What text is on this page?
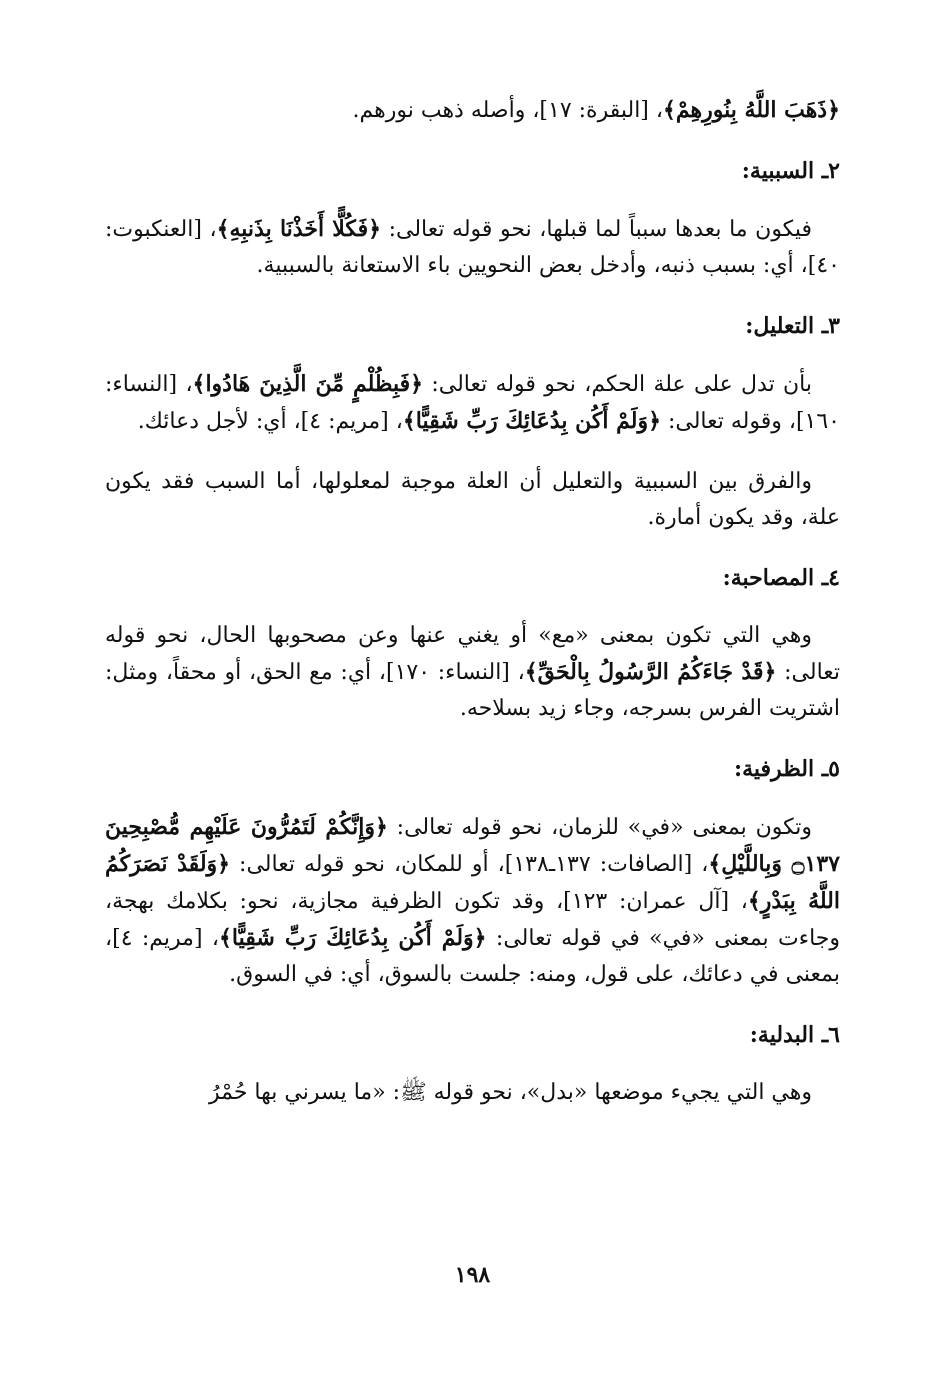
﴿ذَهَبَ اللَّهُ بِنُورِهِمْ﴾، [البقرة: ١٧]، وأصله ذهب نورهم.

٢ـ السببية:

فيكون ما بعدها سبباً لما قبلها، نحو قوله تعالى: ﴿فَكُلًّا أَخَذْنَا بِذَنبِهِ﴾، [العنكبوت: ٤٠]، أي: بسبب ذنبه، وأدخل بعض النحويين باء الاستعانة بالسببية.

٣ـ التعليل:

بأن تدل على علة الحكم، نحو قوله تعالى: ﴿فَبِظُلْمٍ مِّنَ الَّذِينَ هَادُوا﴾، [النساء: ١٦٠]، وقوله تعالى: ﴿وَلَمْ أَكُن بِدُعَائِكَ رَبِّ شَقِيًّا﴾، [مريم: ٤]، أي: لأجل دعائك.

والفرق بين السببية والتعليل أن العلة موجبة لمعلولها، أما السبب فقد يكون علة، وقد يكون أمارة.

٤ـ المصاحبة:

وهي التي تكون بمعنى «مع» أو يغني عنها وعن مصحوبها الحال، نحو قوله تعالى: ﴿قَدْ جَاءَكُمُ الرَّسُولُ بِالْحَقِّ﴾، [النساء: ١٧٠]، أي: مع الحق، أو محقاً، ومثل: اشتريت الفرس بسرجه، وجاء زيد بسلاحه.

٥ـ الظرفية:

وتكون بمعنى «في» للزمان، نحو قوله تعالى: ﴿وَإِنَّكُمْ لَتَمُرُّونَ عَلَيْهِم مُّصْبِحِينَ ۝١٣٧ وَبِاللَّيْلِ﴾، [الصافات: ١٣٧ـ١٣٨]، أو للمكان، نحو قوله تعالى: ﴿وَلَقَدْ نَصَرَكُمُ اللَّهُ بِبَدْرٍ﴾، [آل عمران: ١٢٣]، وقد تكون الظرفية مجازية، نحو: بكلامك بهجة، وجاءت بمعنى «في» في قوله تعالى: ﴿وَلَمْ أَكُن بِدُعَائِكَ رَبِّ شَقِيًّا﴾، [مريم: ٤]، بمعنى في دعائك، على قول، ومنه: جلست بالسوق، أي: في السوق.

٦ـ البدلية:

وهي التي يجيء موضعها «بدل»، نحو قوله ﷺ: «ما يسرني بها حُمْرُ

١٩٨
